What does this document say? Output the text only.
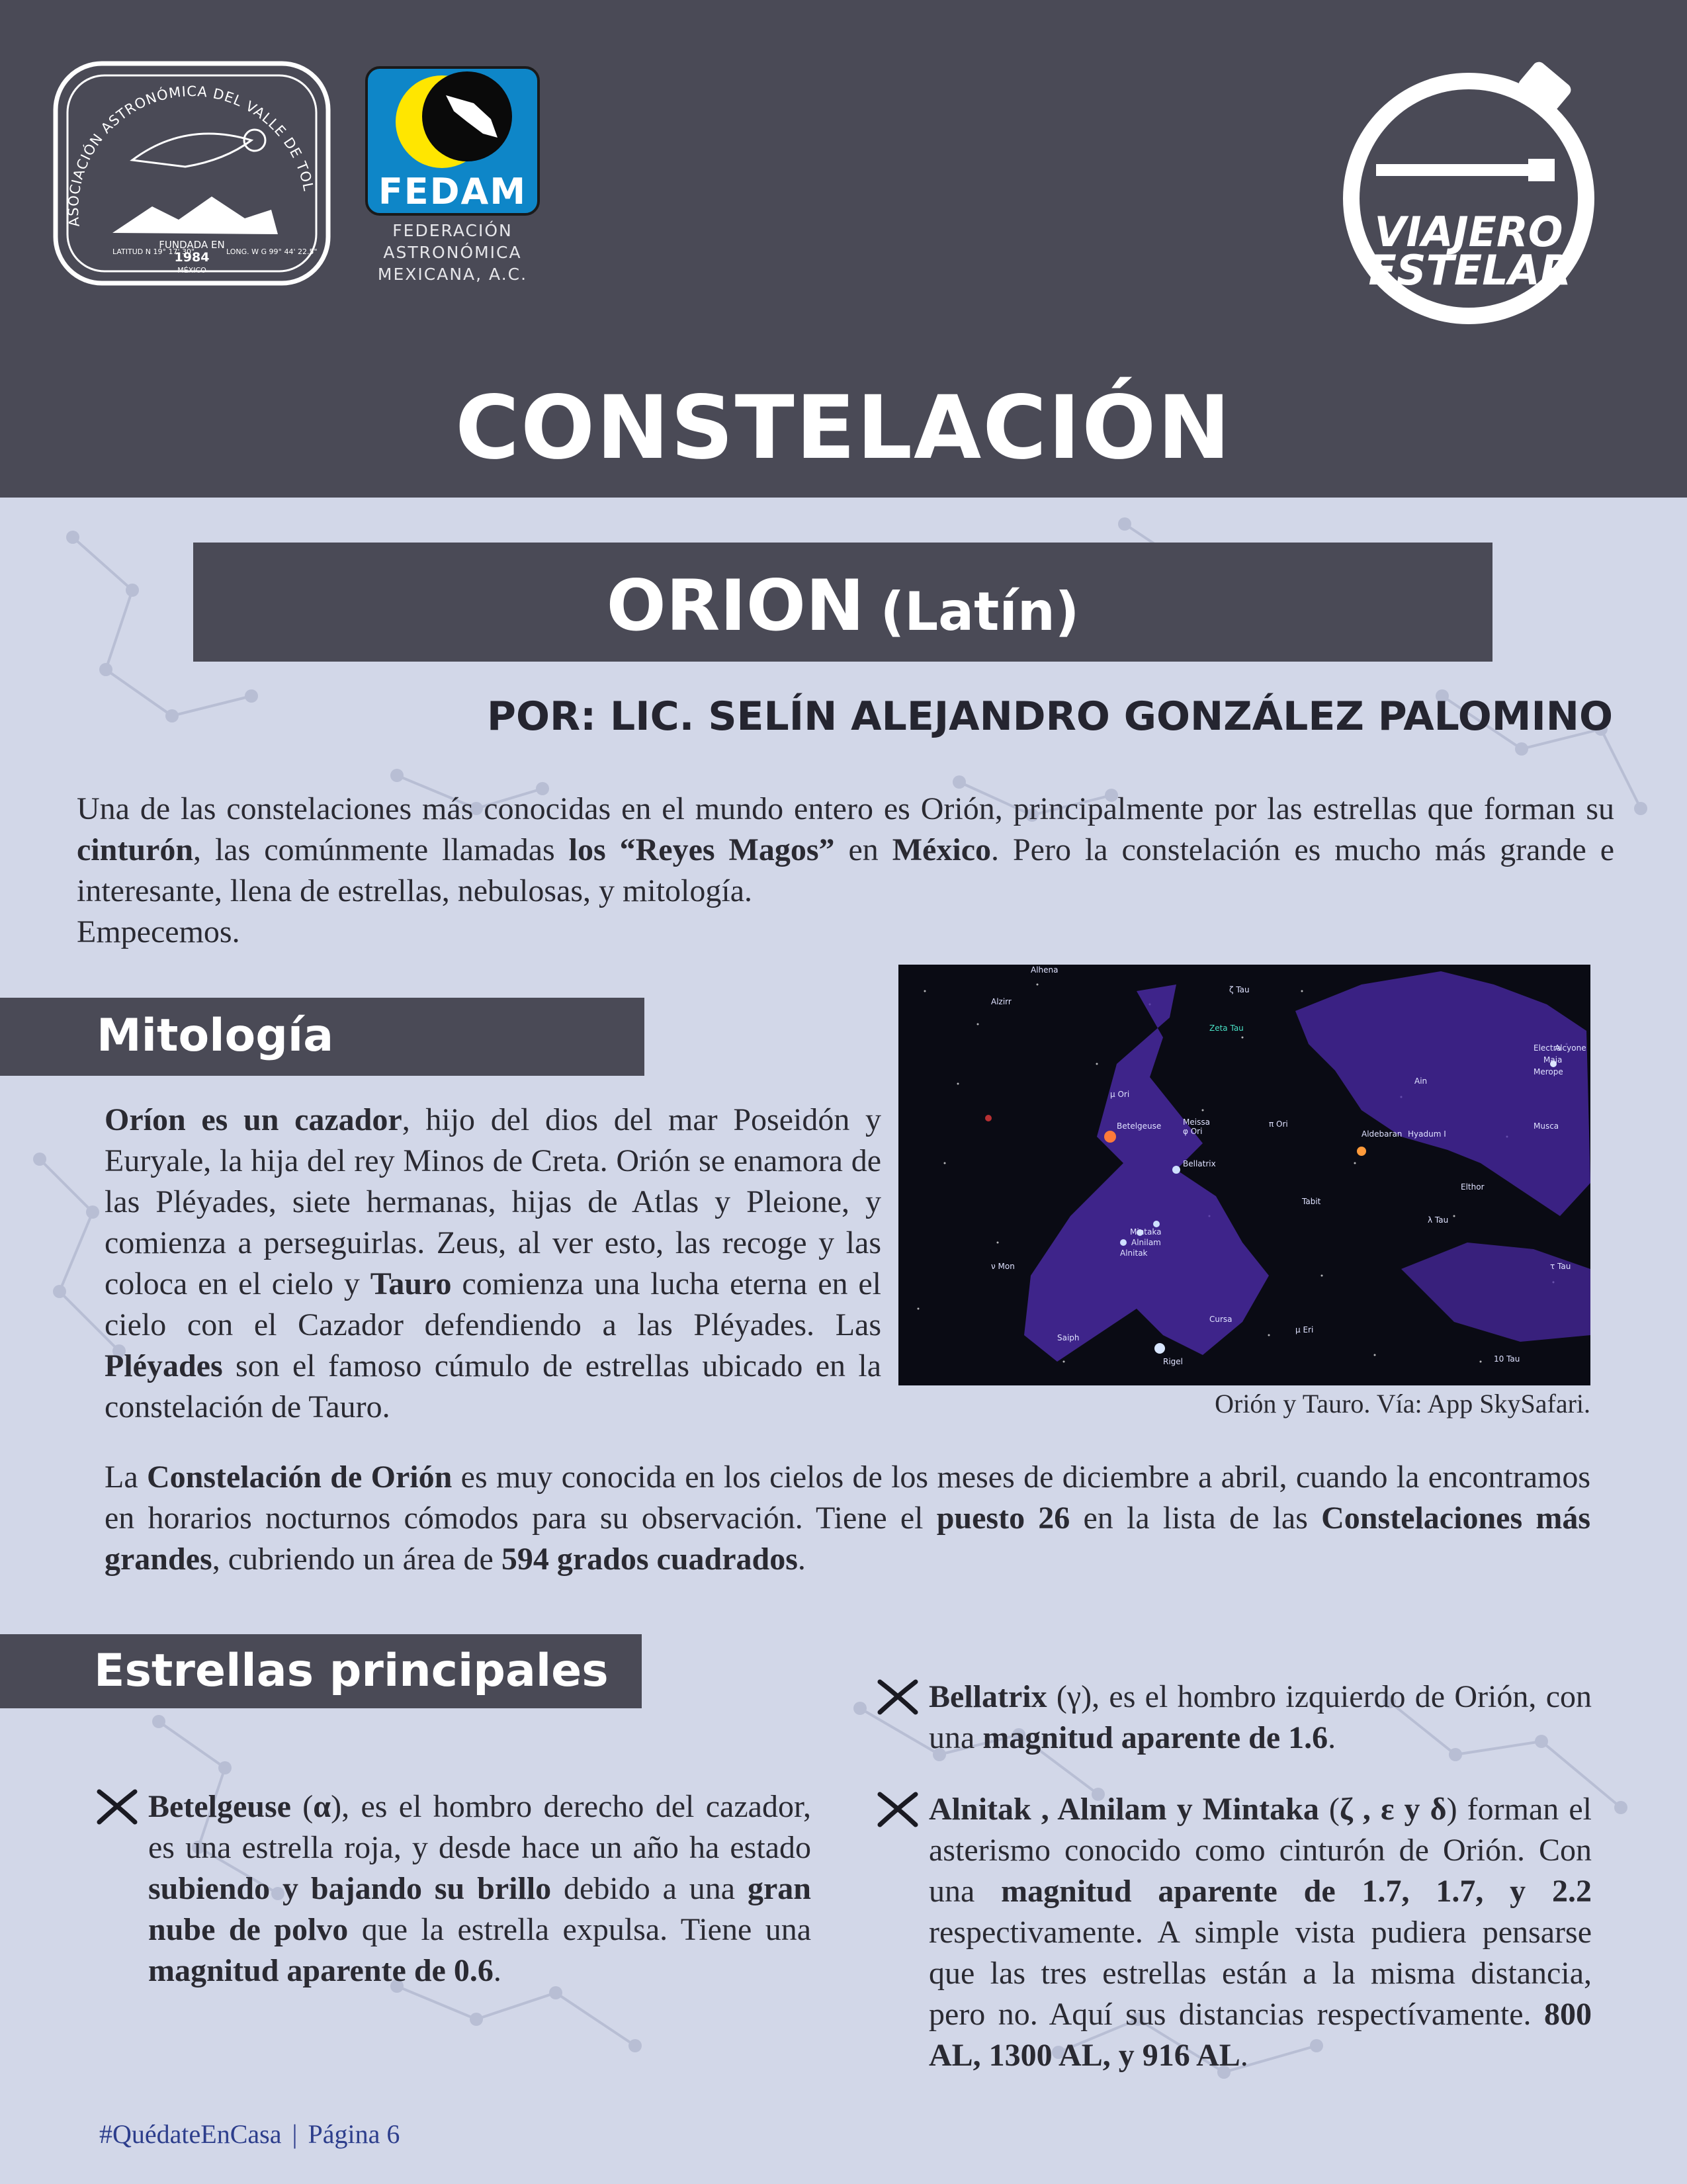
ASOCIACIÓN ASTRONÓMICA DEL VALLE DE TOL
FUNDADA EN
1984
MÉXICO
LATITUD N 19° 17' 30"	LONG. W G 99° 44' 22.5"
FEDAM
FEDERACIÓN
ASTRONÓMICA
MEXICANA, A.C.
VIAJERO
ESTELAR
CONSTELACIÓN
ORION (Latín)
POR: LIC. SELÍN ALEJANDRO GONZÁLEZ PALOMINO
Una de las constelaciones más conocidas en el mundo entero es Orión, principalmente por las estrellas que forman su cinturón, las comúnmente llamadas los “Reyes Magos” en México. Pero la constelación es mucho más grande e interesante, llena de estrellas, nebulosas, y mitología.
Empecemos.
Mitología
Oríon es un cazador, hijo del dios del mar Poseidón y Euryale, la hija del rey Minos de Creta. Orión se enamora de las Pléyades, siete hermanas, hijas de Atlas y Pleione, y comienza a perseguirlas. Zeus, al ver esto, las recoge y las coloca en el cielo y Tauro comienza una lucha eterna en el cielo con el Cazador defendiendo a las Pléyades. Las Pléyades son el famoso cúmulo de estrellas ubicado en la constelación de Tauro.
Alhena
Alzirr
ζ Tau
Zeta Tau
μ Ori
Betelgeuse	Meissa
φ Ori
Bellatrix
π Ori
Aldebaran Hyadum I
Tabit
Alnitak
Alnilam
Mintaka
ν Mon
Saiph
Rigel
Cursa
Electra
Alcyone
Merope
Maia
Musca
Ain
Elthor
10 Tau
τ Tau
μ Eri
λ Tau
Orión y Tauro. Vía: App SkySafari.
La Constelación de Orión es muy conocida en los cielos de los meses de diciembre a abril, cuando la encontramos en horarios nocturnos cómodos para su observación. Tiene el puesto 26 en la lista de las Constelaciones más grandes, cubriendo un área de 594 grados cuadrados.
Estrellas principales
Betelgeuse (α), es el hombro derecho del cazador, es una estrella roja, y desde hace un año ha estado subiendo y bajando su brillo debido a una gran nube de polvo que la estrella expulsa. Tiene una magnitud aparente de 0.6.
Bellatrix (γ), es el hombro izquierdo de Orión, con una magnitud aparente de 1.6.
Alnitak , Alnilam y Mintaka (ζ , ε y δ) forman el asterismo conocido como cinturón de Orión. Con una magnitud aparente de 1.7, 1.7, y 2.2 respectivamente. A simple vista pudiera pensarse que las tres estrellas están a la misma distancia, pero no. Aquí sus distancias respectívamente. 800 AL, 1300 AL, y 916 AL.
#QuédateEnCasa | Página 6
